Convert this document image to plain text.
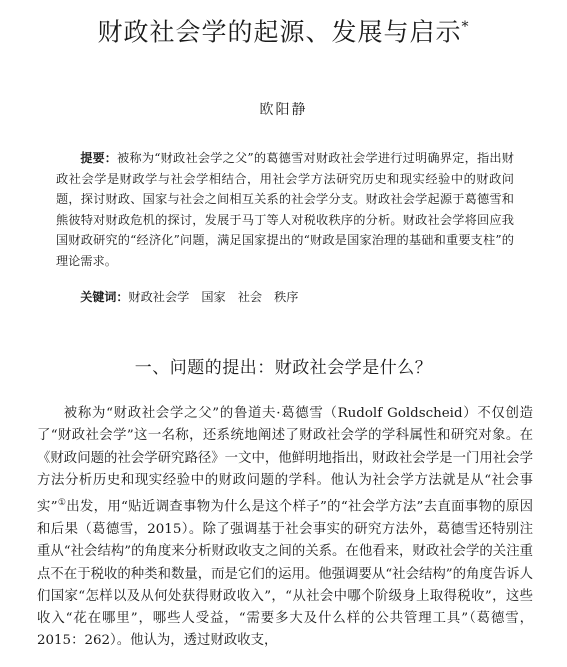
财政社会学的起源、发展与启示*
欧阳静
提要：被称为“财政社会学之父”的葛德雪对财政社会学进行过明确界定，指出财政社会学是财政学与社会学相结合，用社会学方法研究历史和现实经验中的财政问题，探讨财政、国家与社会之间相互关系的社会学分支。财政社会学起源于葛德雪和熊彼特对财政危机的探讨，发展于马丁等人对税收秩序的分析。财政社会学将回应我国财政研究的“经济化”问题，满足国家提出的“财政是国家治理的基础和重要支柱”的理论需求。
关键词：财政社会学 国家 社会 秩序
一、问题的提出：财政社会学是什么？
被称为“财政社会学之父”的鲁道夫·葛德雪（Rudolf Goldscheid）不仅创造了“财政社会学”这一名称，还系统地阐述了财政社会学的学科属性和研究对象。在《财政问题的社会学研究路径》一文中，他鲜明地指出，财政社会学是一门用社会学方法分析历史和现实经验中的财政问题的学科。他认为社会学方法就是从“社会事实”①出发，用“贴近调查事物为什么是这个样子”的“社会学方法”去直面事物的原因和后果（葛德雪，2015）。除了强调基于社会事实的研究方法外，葛德雪还特别注重从“社会结构”的角度来分析财政收支之间的关系。在他看来，财政社会学的关注重点不在于税收的种类和数量，而是它们的运用。他强调要从“社会结构”的角度告诉人们国家“怎样以及从何处获得财政收入”，“从社会中哪个阶级身上取得税收”，这些收入“花在哪里”，哪些人受益，“需要多大及什么样的公共管理工具”（葛德雪，2015：262）。他认为，透过财政收支，
